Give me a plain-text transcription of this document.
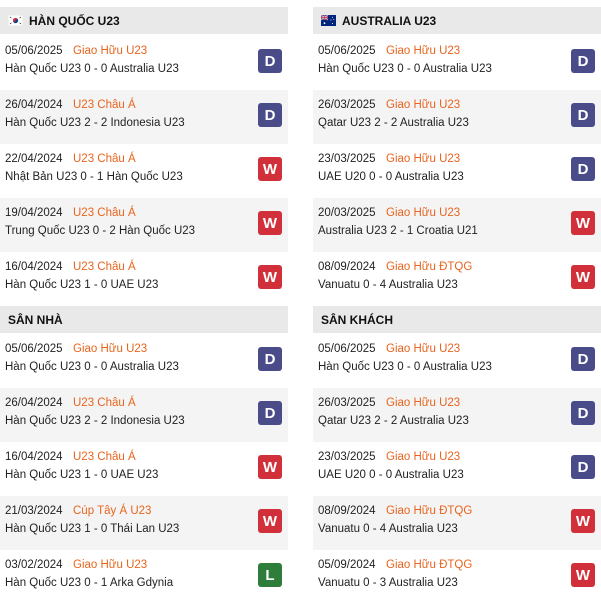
HÀN QUỐC U23
05/06/2025 Giao Hữu U23
Hàn Quốc U23 0 - 0 Australia U23	D
26/04/2024 U23 Châu Á
Hàn Quốc U23 2 - 2 Indonesia U23	D
22/04/2024 U23 Châu Á
Nhật Bản U23 0 - 1 Hàn Quốc U23	W
19/04/2024 U23 Châu Á
Trung Quốc U23 0 - 2 Hàn Quốc U23	W
16/04/2024 U23 Châu Á
Hàn Quốc U23 1 - 0 UAE U23	W
AUSTRALIA U23
05/06/2025 Giao Hữu U23
Hàn Quốc U23 0 - 0 Australia U23	D
26/03/2025 Giao Hữu U23
Qatar U23 2 - 2 Australia U23	D
23/03/2025 Giao Hữu U23
UAE U20 0 - 0 Australia U23	D
20/03/2025 Giao Hữu U23
Australia U23 2 - 1 Croatia U21	W
08/09/2024 Giao Hữu ĐTQG
Vanuatu 0 - 4 Australia U23	W
SÂN NHÀ
05/06/2025 Giao Hữu U23
Hàn Quốc U23 0 - 0 Australia U23	D
26/04/2024 U23 Châu Á
Hàn Quốc U23 2 - 2 Indonesia U23	D
16/04/2024 U23 Châu Á
Hàn Quốc U23 1 - 0 UAE U23	W
21/03/2024 Cúp Tây Á U23
Hàn Quốc U23 1 - 0 Thái Lan U23	W
03/02/2024 Giao Hữu U23
Hàn Quốc U23 0 - 1 Arka Gdynia	L
SÂN KHÁCH
05/06/2025 Giao Hữu U23
Hàn Quốc U23 0 - 0 Australia U23	D
26/03/2025 Giao Hữu U23
Qatar U23 2 - 2 Australia U23	D
23/03/2025 Giao Hữu U23
UAE U20 0 - 0 Australia U23	D
08/09/2024 Giao Hữu ĐTQG
Vanuatu 0 - 4 Australia U23	W
05/09/2024 Giao Hữu ĐTQG
Vanuatu 0 - 3 Australia U23	W
